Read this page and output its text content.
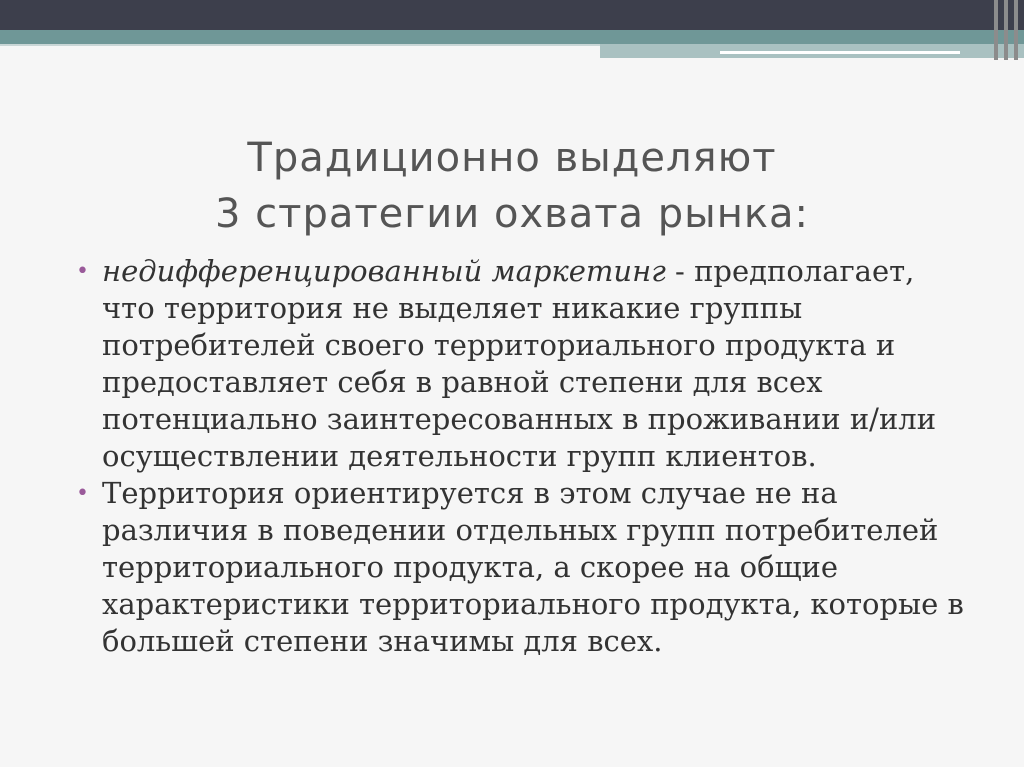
Традиционно выделяют
3 стратегии охвата рынка:
• недифференцированный маркетинг - предполагает, что территория не выделяет никакие группы потребителей своего территориального продукта и предоставляет себя в равной степени для всех потенциально заинтересованных в проживании и/или осуществлении деятельности групп клиентов.
• Территория ориентируется в этом случае не на различия в поведении отдельных групп потребителей территориального продукта, а скорее на общие характеристики территориального продукта, которые в большей степени значимы для всех.
